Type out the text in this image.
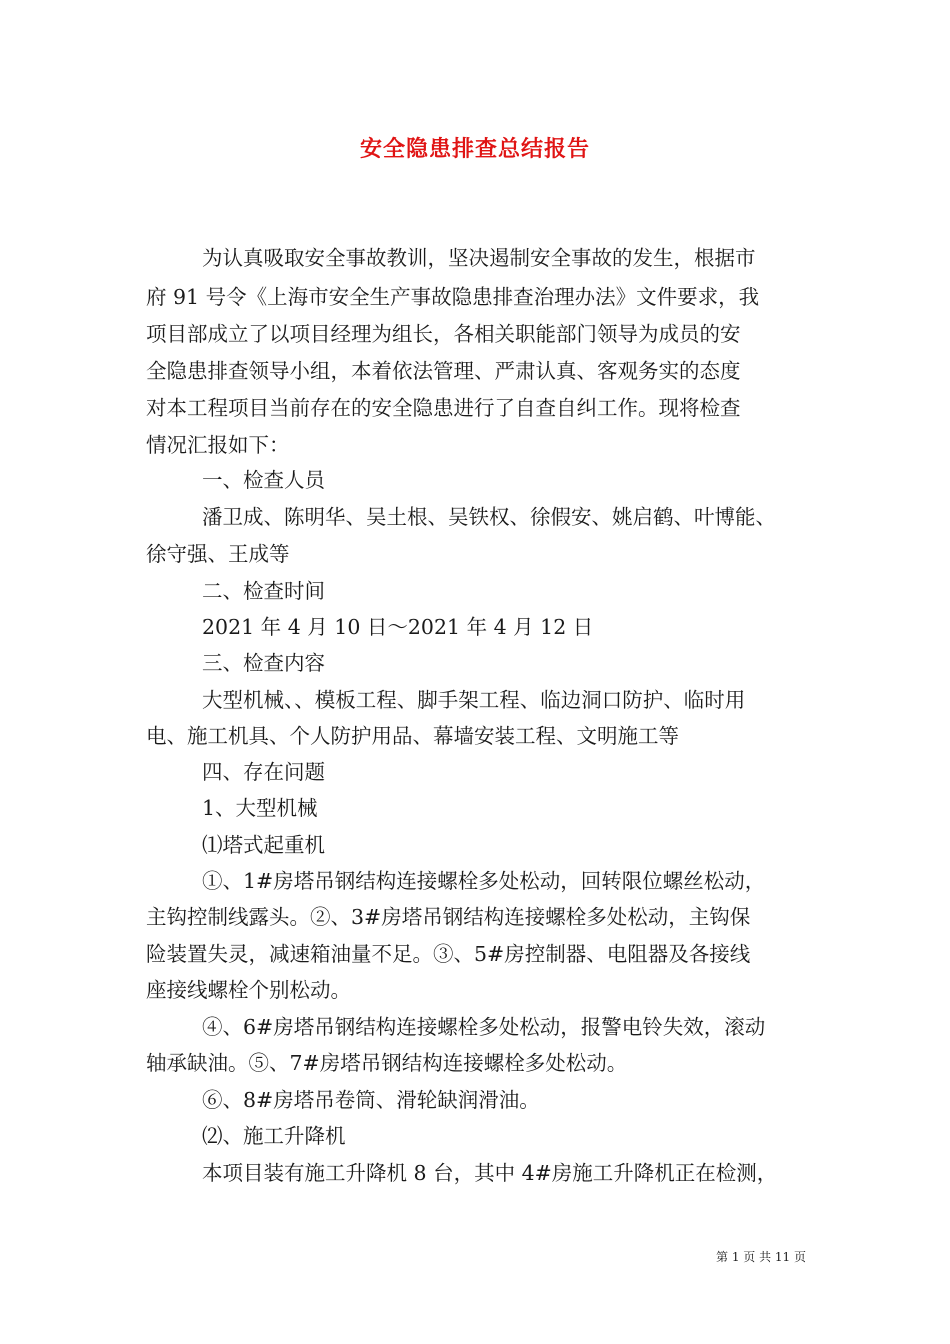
安全隐患排查总结报告
为认真吸取安全事故教训，坚决遏制安全事故的发生，根据市
府 91 号令《上海市安全生产事故隐患排查治理办法》文件要求，我
项目部成立了以项目经理为组长，各相关职能部门领导为成员的安
全隐患排查领导小组，本着依法管理、严肃认真、客观务实的态度
对本工程项目当前存在的安全隐患进行了自查自纠工作。现将检查
情况汇报如下：
一、检查人员
潘卫成、陈明华、吴土根、吴铁权、徐假安、姚启鹤、叶博能、
徐守强、王成等
二、检查时间
2021 年 4 月 10 日～2021 年 4 月 12 日
三、检查内容
大型机械、、模板工程、脚手架工程、临边洞口防护、临时用
电、施工机具、个人防护用品、幕墙安装工程、文明施工等
四、存在问题
1、大型机械
⑴塔式起重机
①、1#房塔吊钢结构连接螺栓多处松动，回转限位螺丝松动，
主钩控制线露头。②、3#房塔吊钢结构连接螺栓多处松动，主钩保
险装置失灵，减速箱油量不足。③、5#房控制器、电阻器及各接线
座接线螺栓个别松动。
④、6#房塔吊钢结构连接螺栓多处松动，报警电铃失效，滚动
轴承缺油。⑤、7#房塔吊钢结构连接螺栓多处松动。
⑥、8#房塔吊卷筒、滑轮缺润滑油。
⑵、施工升降机
本项目装有施工升降机 8 台，其中 4#房施工升降机正在检测，
第 1 页 共 11 页
